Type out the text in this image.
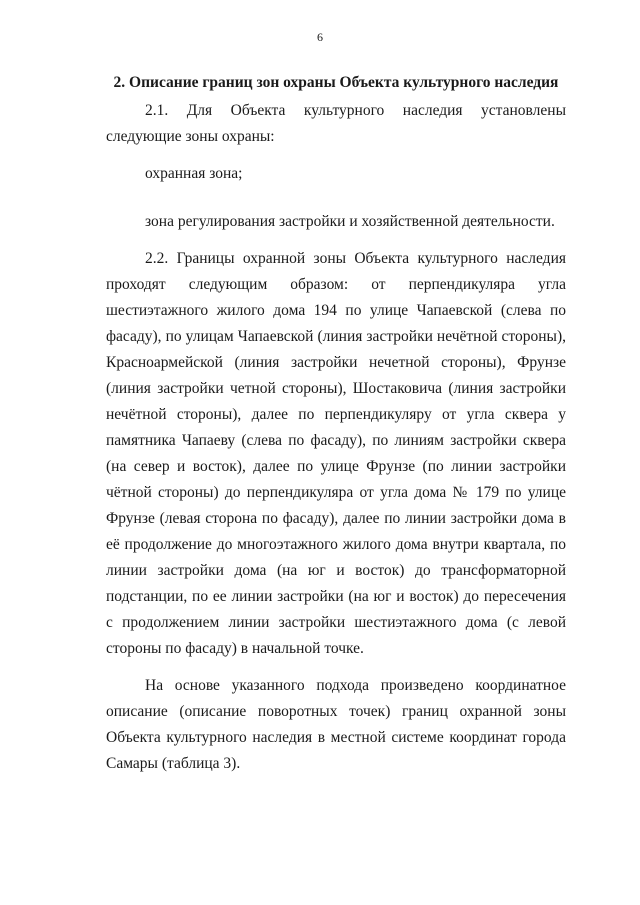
6
2. Описание границ зон охраны Объекта культурного наследия

2.1. Для Объекта культурного наследия установлены следующие зоны охраны:

охранная зона;

зона регулирования застройки и хозяйственной деятельности.

2.2. Границы охранной зоны Объекта культурного наследия проходят следующим образом: от перпендикуляра угла шестиэтажного жилого дома 194 по улице Чапаевской (слева по фасаду), по улицам Чапаевской (линия застройки нечётной стороны), Красноармейской (линия застройки нечетной стороны), Фрунзе (линия застройки четной стороны), Шостаковича (линия застройки нечётной стороны), далее по перпендикуляру от угла сквера у памятника Чапаеву (слева по фасаду), по линиям застройки сквера (на север и восток), далее по улице Фрунзе (по линии застройки чётной стороны) до перпендикуляра от угла дома № 179 по улице Фрунзе (левая сторона по фасаду), далее по линии застройки дома в её продолжение до многоэтажного жилого дома внутри квартала, по линии застройки дома (на юг и восток) до трансформаторной подстанции, по ее линии застройки (на юг и восток) до пересечения с продолжением линии застройки шестиэтажного дома (с левой стороны по фасаду) в начальной точке.

На основе указанного подхода произведено координатное описание (описание поворотных точек) границ охранной зоны Объекта культурного наследия в местной системе координат города Самары (таблица 3).
